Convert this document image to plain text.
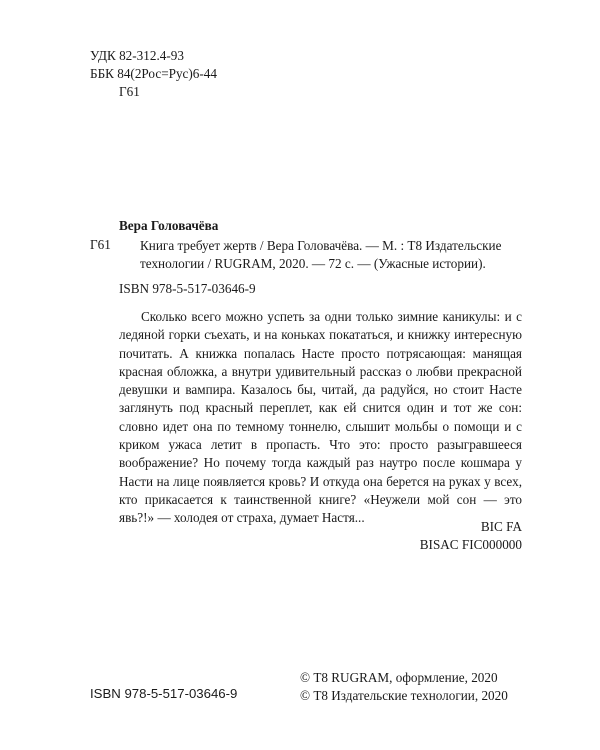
УДК 82-312.4-93
ББК 84(2Рос=Рус)6-44
Г61
Вера Головачёва
Г61 Книга требует жертв / Вера Головачёва. — М. : Т8 Издательские технологии / RUGRAM, 2020. — 72 с. — (Ужасные истории).
ISBN 978-5-517-03646-9

Сколько всего можно успеть за одни только зимние каникулы: и с ледяной горки съехать, и на коньках покататься, и книжку интересную почитать. А книжка попалась Насте просто потрясающая: манящая красная обложка, а внутри удивительный рассказ о любви прекрасной девушки и вампира. Казалось бы, читай, да радуйся, но стоит Насте заглянуть под красный переплет, как ей снится один и тот же сон: словно идет она по темному тоннелю, слышит мольбы о помощи и с криком ужаса летит в пропасть. Что это: просто разыгравшееся воображение? Но почему тогда каждый раз наутро после кошмара у Насти на лице появляется кровь? И откуда она берется на руках у всех, кто прикасается к таинственной книге? «Неужели мой сон — это явь?!» — холодея от страха, думает Настя...

BIC FA
BISAC FIC000000
© Т8 RUGRAM, оформление, 2020
© Т8 Издательские технологии, 2020
ISBN 978-5-517-03646-9
